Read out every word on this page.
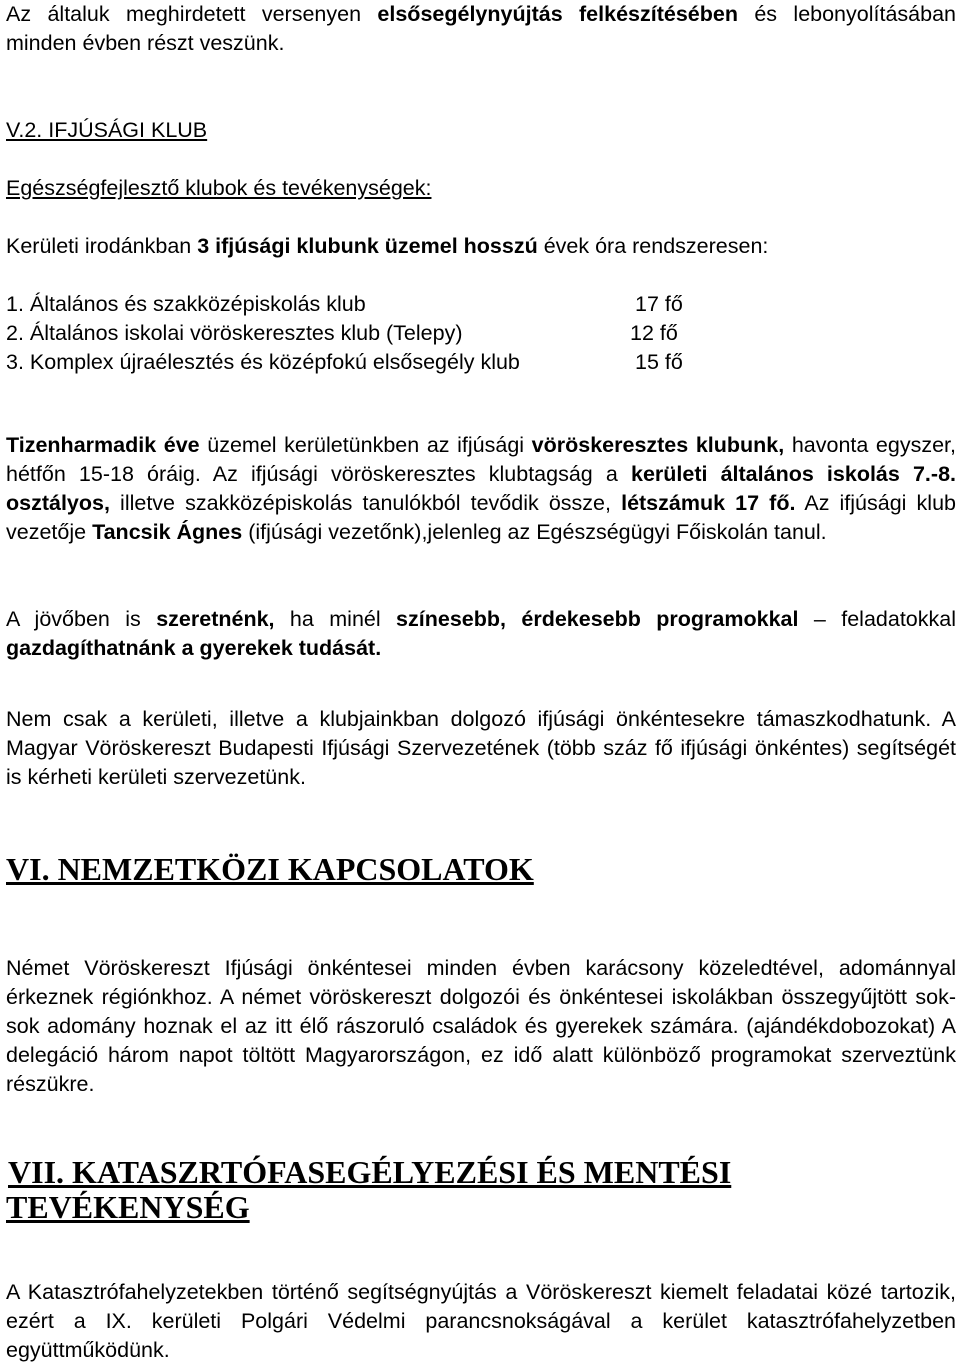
Az általuk meghirdetett versenyen elsősegélynyújtás felkészítésében és lebonyolításában minden évben részt veszünk.
V.2. IFJÚSÁGI KLUB
Egészségfejlesztő klubok és tevékenységek:
Kerületi irodánkban 3 ifjúsági klubunk üzemel hosszú évek óra rendszeresen:
1. Általános és szakközépiskolás klub	17 fő
2. Általános iskolai vöröskeresztes klub (Telepy)	12 fő
3. Komplex újraélesztés és középfokú elsősegély klub	15 fő
Tizenharmadik éve üzemel kerületünkben az ifjúsági vöröskeresztes klubunk, havonta egyszer, hétfőn 15-18 óráig. Az ifjúsági vöröskeresztes klubtagság a kerületi általános iskolás 7.-8. osztályos, illetve szakközépiskolás tanulókból tevődik össze, létszámuk 17 fő. Az ifjúsági klub vezetője Tancsik Ágnes (ifjúsági vezetőnk),jelenleg az Egészségügyi Főiskolán tanul.
A jövőben is szeretnénk, ha minél színesebb, érdekesebb programokkal – feladatokkal gazdagíthatnánk a gyerekek tudását.
Nem csak a kerületi, illetve a klubjainkban dolgozó ifjúsági önkéntesekre támaszkodhatunk. A Magyar Vöröskereszt Budapesti Ifjúsági Szervezetének (több száz fő ifjúsági önkéntes) segítségét is kérheti kerületi szervezetünk.
VI. NEMZETKÖZI KAPCSOLATOK
Német Vöröskereszt Ifjúsági önkéntesei minden évben karácsony közeledtével, adománnyal érkeznek régiónkhoz. A német vöröskereszt dolgozói és önkéntesei iskolákban összegyűjtött sok-sok adomány hoznak el az itt élő rászoruló családok és gyerekek számára. (ajándékdobozokat) A delegáció három napot töltött Magyarországon, ez idő alatt különböző programokat szerveztünk részükre.
VII. KATASZRTÓFASEGÉLYEZÉSI ÉS MENTÉSI
TEVÉKENYSÉG
A Katasztrófahelyzetekben történő segítségnyújtás a Vöröskereszt kiemelt feladatai közé tartozik, ezért a IX. kerületi Polgári Védelmi parancsnokságával a kerület katasztrófahelyzetben együttműködünk.
